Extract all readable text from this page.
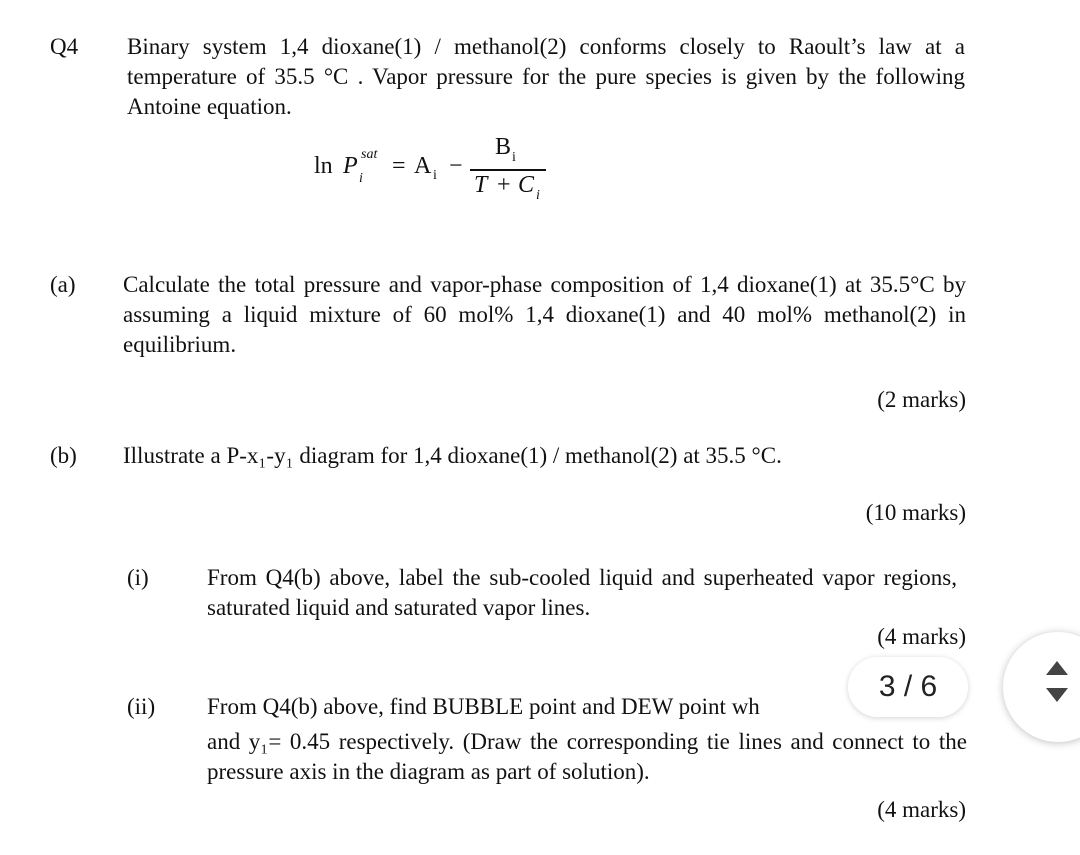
Q4 Binary system 1,4 dioxane(1) / methanol(2) conforms closely to Raoult’s law at a temperature of 35.5 °C . Vapor pressure for the pure species is given by the following Antoine equation.
ln P sat
i = A i −
B i
T + C i
(a) Calculate the total pressure and vapor-phase composition of 1,4 dioxane(1) at 35.5°C by assuming a liquid mixture of 60 mol% 1,4 dioxane(1) and 40 mol% methanol(2) in equilibrium.
(2 marks)
(b) Illustrate a P-x₁-y₁ diagram for 1,4 dioxane(1) / methanol(2) at 35.5 °C.
(10 marks)
(i)	From Q4(b) above, label the sub-cooled liquid and superheated vapor regions, saturated liquid and saturated vapor lines.
(4 marks)
(ii) From Q4(b) above, find BUBBLE point and DEW point wh
and y₁= 0.45 respectively. (Draw the corresponding tie lines and connect to the pressure axis in the diagram as part of solution).
(4 marks)
3 / 6
